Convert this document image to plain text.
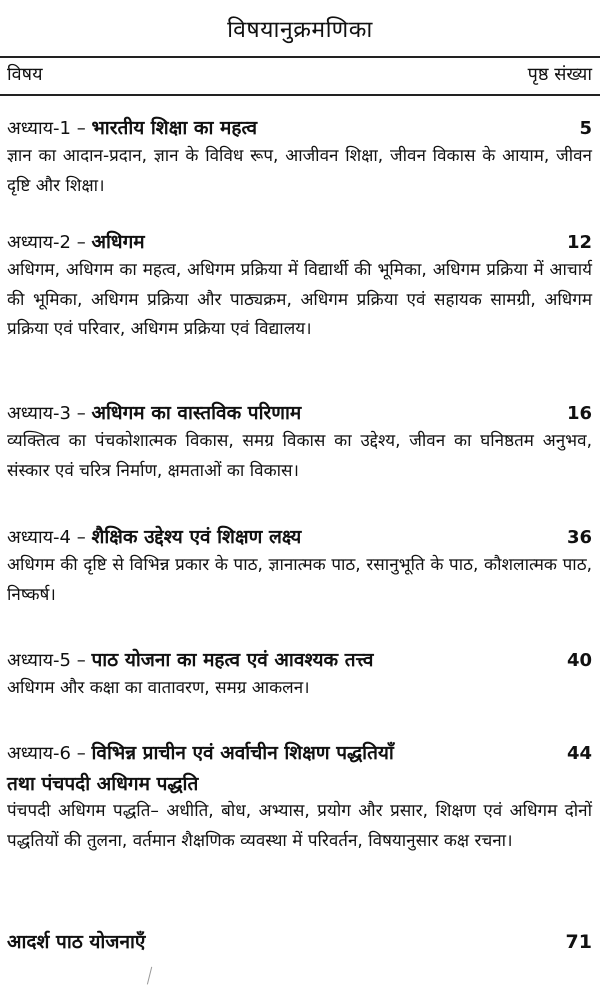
विषयानुक्रमणिका
विषय	पृष्ठ संख्या
अध्याय-1 – भारतीय शिक्षा का महत्व	5
ज्ञान का आदान-प्रदान, ज्ञान के विविध रूप, आजीवन शिक्षा, जीवन विकास के आयाम, जीवन दृष्टि और शिक्षा।
अध्याय-2 – अधिगम	12
अधिगम, अधिगम का महत्व, अधिगम प्रक्रिया में विद्यार्थी की भूमिका, अधिगम प्रक्रिया में आचार्य की भूमिका, अधिगम प्रक्रिया और पाठ्यक्रम, अधिगम प्रक्रिया एवं सहायक सामग्री, अधिगम प्रक्रिया एवं परिवार, अधिगम प्रक्रिया एवं विद्यालय।
अध्याय-3 – अधिगम का वास्तविक परिणाम	16
व्यक्तित्व का पंचकोशात्मक विकास, समग्र विकास का उद्देश्य, जीवन का घनिष्ठतम अनुभव, संस्कार एवं चरित्र निर्माण, क्षमताओं का विकास।
अध्याय-4 – शैक्षिक उद्देश्य एवं शिक्षण लक्ष्य	36
अधिगम की दृष्टि से विभिन्न प्रकार के पाठ, ज्ञानात्मक पाठ, रसानुभूति के पाठ, कौशलात्मक पाठ, निष्कर्ष।
अध्याय-5 – पाठ योजना का महत्व एवं आवश्यक तत्त्व	40
अधिगम और कक्षा का वातावरण, समग्र आकलन।
अध्याय-6 – विभिन्न प्राचीन एवं अर्वाचीन शिक्षण पद्धतियाँ	44
तथा पंचपदी अधिगम पद्धति
पंचपदी अधिगम पद्धति– अधीति, बोध, अभ्यास, प्रयोग और प्रसार, शिक्षण एवं अधिगम दोनों पद्धतियों की तुलना, वर्तमान शैक्षणिक व्यवस्था में परिवर्तन, विषयानुसार कक्ष रचना।
आदर्श पाठ योजनाएँ	71
